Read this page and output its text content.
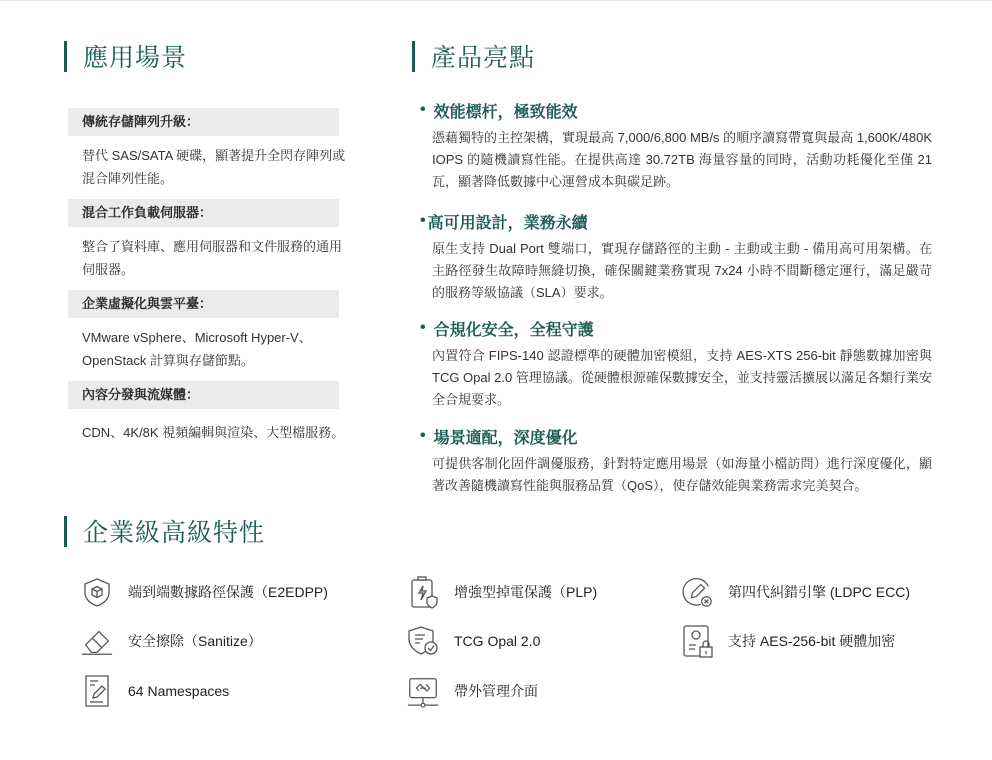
應用場景	產品亮點
企業級高級特性
傳統存儲陣列升級：
替代 SAS/SATA 硬碟，顯著提升全閃存陣列或混合陣列性能。
混合工作負載伺服器：
整合了資料庫、應用伺服器和文件服務的通用伺服器。
企業虛擬化與雲平臺：
VMware vSphere、Microsoft Hyper-V、OpenStack 計算與存儲節點。
內容分發與流媒體：
CDN、4K/8K 視頻編輯與渲染、大型檔服務。
• 效能標杆，極致能效
憑藉獨特的主控架構，實現最高 7,000/6,800 MB/s 的順序讀寫帶寬與最高 1,600K/480K IOPS 的隨機讀寫性能。在提供高達 30.72TB 海量容量的同時，活動功耗優化至僅 21 瓦，顯著降低數據中心運營成本與碳足跡。
• 高可用設計，業務永續
原生支持 Dual Port 雙端口，實現存儲路徑的主動 - 主動或主動 - 備用高可用架構。在主路徑發生故障時無縫切換，確保關鍵業務實現 7x24 小時不間斷穩定運行，滿足嚴苛的服務等級協議（SLA）要求。
• 合規化安全，全程守護
內置符合 FIPS-140 認證標準的硬體加密模組，支持 AES-XTS 256-bit 靜態數據加密與 TCG Opal 2.0 管理協議。從硬體根源確保數據安全，並支持靈活擴展以滿足各類行業安全合規要求。
• 場景適配，深度優化
可提供客制化固件調優服務，針對特定應用場景（如海量小檔訪問）進行深度優化，顯著改善隨機讀寫性能與服務品質（QoS），使存儲效能與業務需求完美契合。
端到端數據路徑保護（E2EDPP)	增強型掉電保護（PLP)	第四代糾錯引擎 (LDPC ECC)
安全擦除（Sanitize）	TCG Opal 2.0	支持 AES-256-bit 硬體加密
64 Namespaces	帶外管理介面
